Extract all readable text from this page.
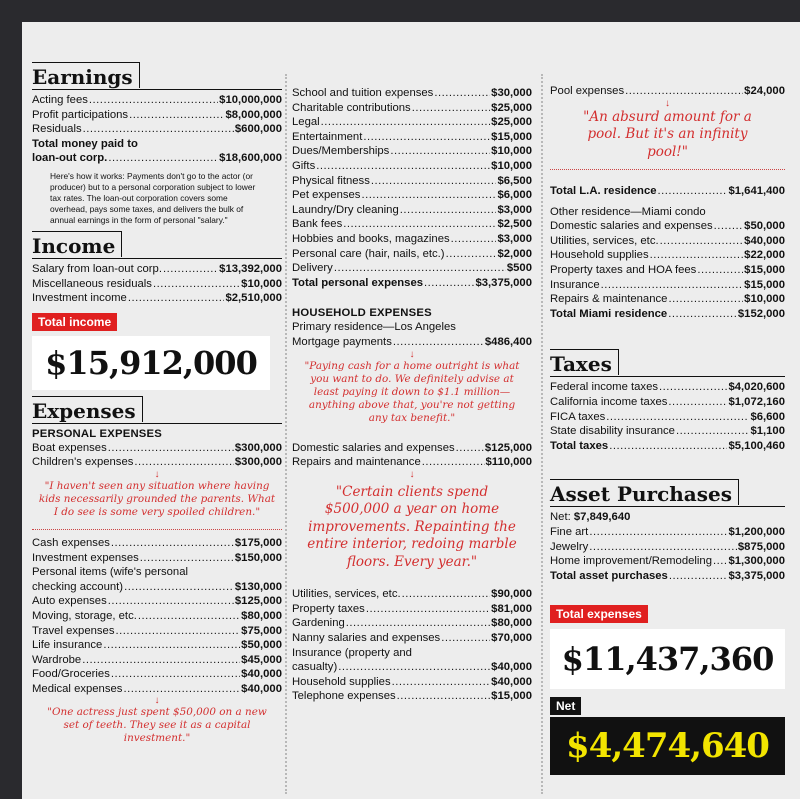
Earnings
Acting fees .....	$10,000,000
Profit participations .....	$8,000,000
Residuals .....	$600,000
Total money paid to
loan-out corp. .....	$18,600,000
Here's how it works: Payments don't go to the actor (or producer) but to a personal corporation subject to lower tax rates. The loan-out corporation covers some overhead, pays some taxes, and delivers the bulk of annual earnings in the form of personal "salary."
Income
Salary from loan-out corp. .....	$13,392,000
Miscellaneous residuals .....	$10,000
Investment income .....	$2,510,000
Total income
$15,912,000
Expenses
PERSONAL EXPENSES
Boat expenses .....	$300,000
Children's expenses .....	$300,000
↓
"I haven't seen any situation where having kids necessarily grounded the parents. What I do see is some very spoiled children."
Cash expenses .....	$175,000
Investment expenses .....	$150,000
Personal items (wife's personal
checking account) .....	$130,000
Auto expenses .....	$125,000
Moving, storage, etc. .....	$80,000
Travel expenses .....	$75,000
Life insurance .....	$50,000
Wardrobe .....	$45,000
Food/Groceries .....	$40,000
Medical expenses .....	$40,000
↓
"One actress just spent $50,000 on a new set of teeth. They see it as a capital investment."
School and tuition expenses .....	$30,000
Charitable contributions .....	$25,000
Legal .....	$25,000
Entertainment .....	$15,000
Dues/Memberships .....	$10,000
Gifts .....	$10,000
Physical fitness .....	$6,500
Pet expenses .....	$6,000
Laundry/Dry cleaning .....	$3,000
Bank fees .....	$2,500
Hobbies and books, magazines .....	$3,000
Personal care (hair, nails, etc.) .....	$2,000
Delivery .....	$500
Total personal expenses .....	$3,375,000
HOUSEHOLD EXPENSES
Primary residence—Los Angeles
Mortgage payments .....	$486,400
↓
"Paying cash for a home outright is what you want to do. We definitely advise at least paying it down to $1.1 million—anything above that, you're not getting any tax benefit."
Domestic salaries and expenses .....	$125,000
Repairs and maintenance .....	$110,000
↓
"Certain clients spend $500,000 a year on home improvements. Repainting the entire interior, redoing marble floors. Every year."
Utilities, services, etc. .....	$90,000
Property taxes .....	$81,000
Gardening .....	$80,000
Nanny salaries and expenses .....	$70,000
Insurance (property and
casualty) .....	$40,000
Household supplies .....	$40,000
Telephone expenses .....	$15,000
Pool expenses .....	$24,000
↓
"An absurd amount for a pool. But it's an infinity pool!"
Total L.A. residence .....	$1,641,400
Other residence—Miami condo
Domestic salaries and expenses .....	$50,000
Utilities, services, etc. .....	$40,000
Household supplies .....	$22,000
Property taxes and HOA fees .....	$15,000
Insurance .....	$15,000
Repairs & maintenance .....	$10,000
Total Miami residence .....	$152,000
Taxes
Federal income taxes .....	$4,020,600
California income taxes .....	$1,072,160
FICA taxes .....	$6,600
State disability insurance .....	$1,100
Total taxes .....	$5,100,460
Asset Purchases
Net: $7,849,640
Fine art .....	$1,200,000
Jewelry .....	$875,000
Home improvement/Remodeling ..... $1,300,000
Total asset purchases .....	$3,375,000
Total expenses
$11,437,360
Net
$4,474,640
